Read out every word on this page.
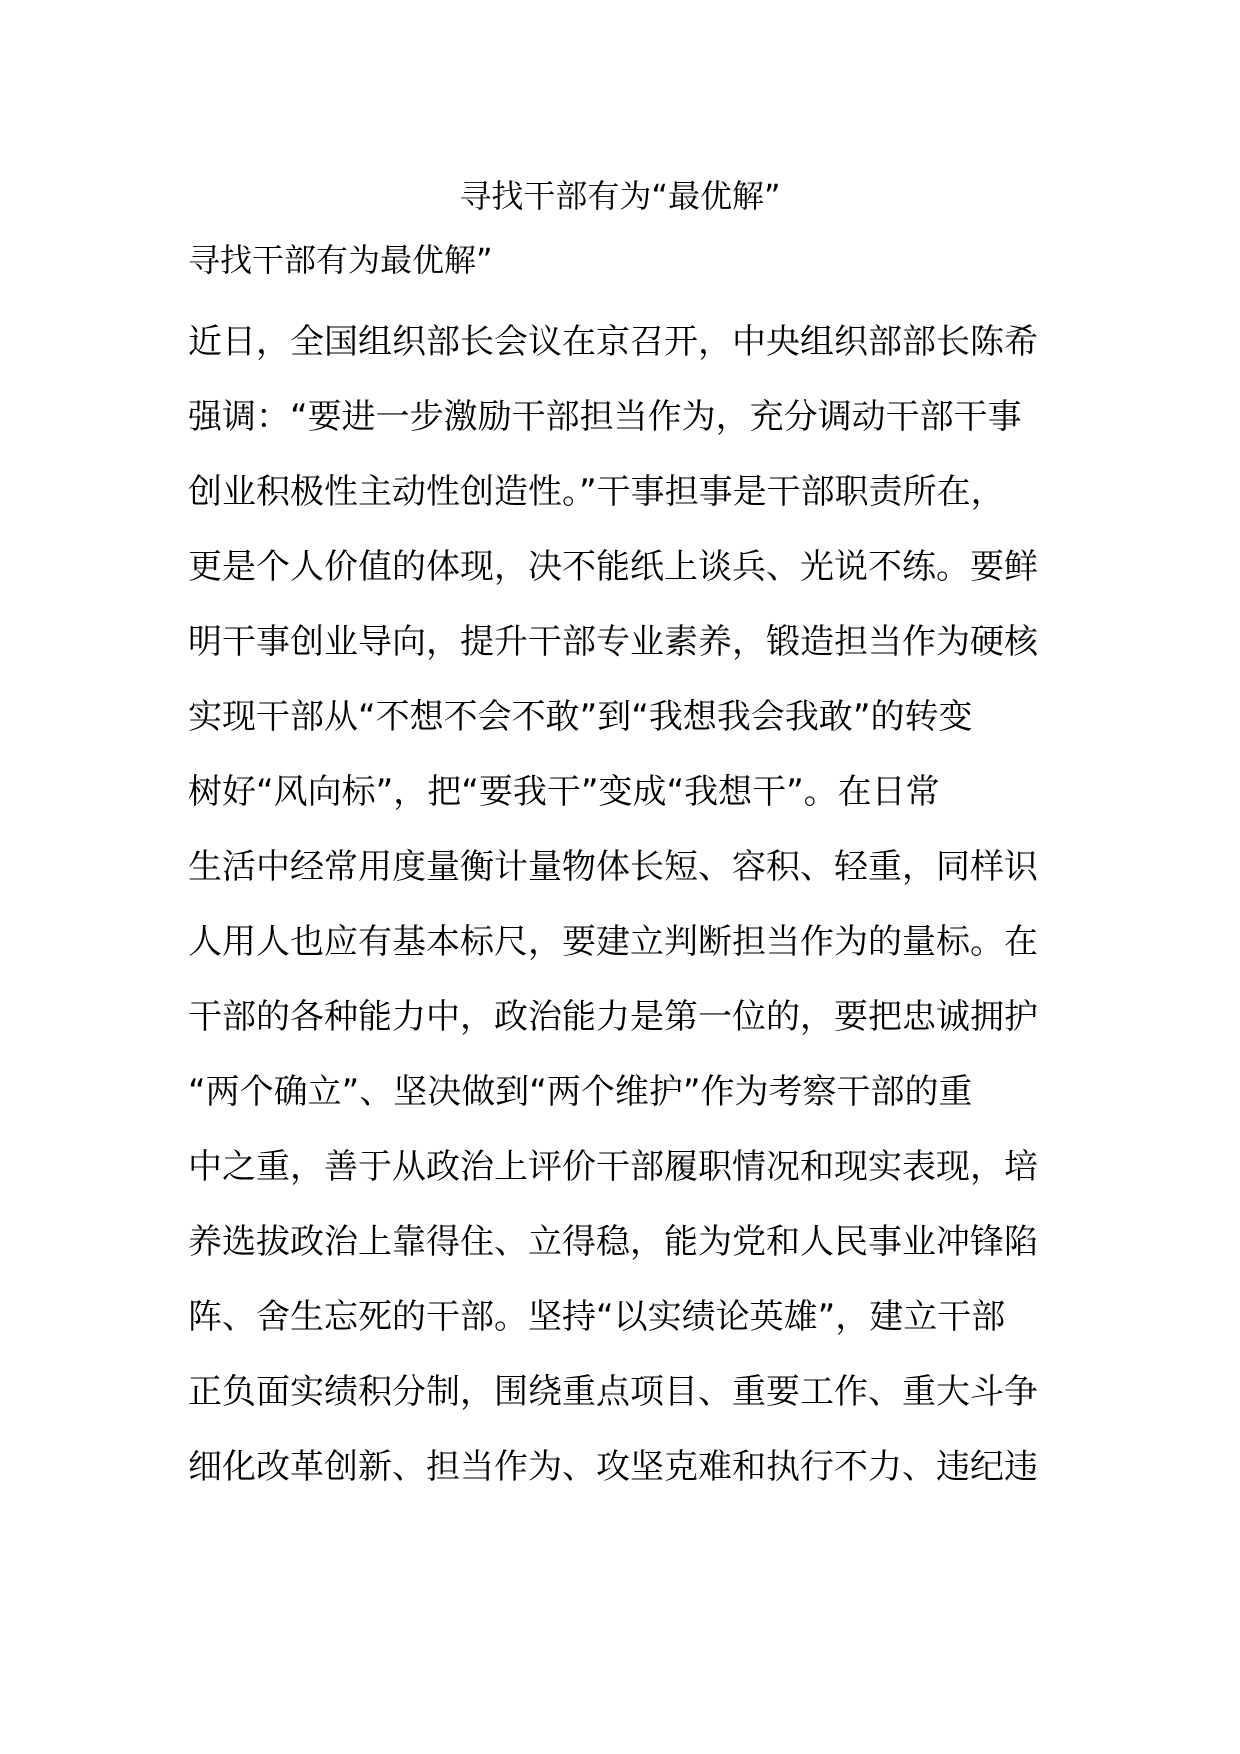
寻找干部有为“最优解”
寻找干部有为最优解”
近日，全国组织部长会议在京召开，中央组织部部长陈希
强调：“要进一步激励干部担当作为，充分调动干部干事
创业积极性主动性创造性。”干事担事是干部职责所在，
更是个人价值的体现，决不能纸上谈兵、光说不练。要鲜
明干事创业导向，提升干部专业素养，锻造担当作为硬核
实现干部从“不想不会不敢”到“我想我会我敢”的转变
树好“风向标”，把“要我干”变成“我想干”。在日常
生活中经常用度量衡计量物体长短、容积、轻重，同样识
人用人也应有基本标尺，要建立判断担当作为的量标。在
干部的各种能力中，政治能力是第一位的，要把忠诚拥护
“两个确立”、坚决做到“两个维护”作为考察干部的重
中之重，善于从政治上评价干部履职情况和现实表现，培
养选拔政治上靠得住、立得稳，能为党和人民事业冲锋陷
阵、舍生忘死的干部。坚持“以实绩论英雄”，建立干部
正负面实绩积分制，围绕重点项目、重要工作、重大斗争
细化改革创新、担当作为、攻坚克难和执行不力、违纪违
